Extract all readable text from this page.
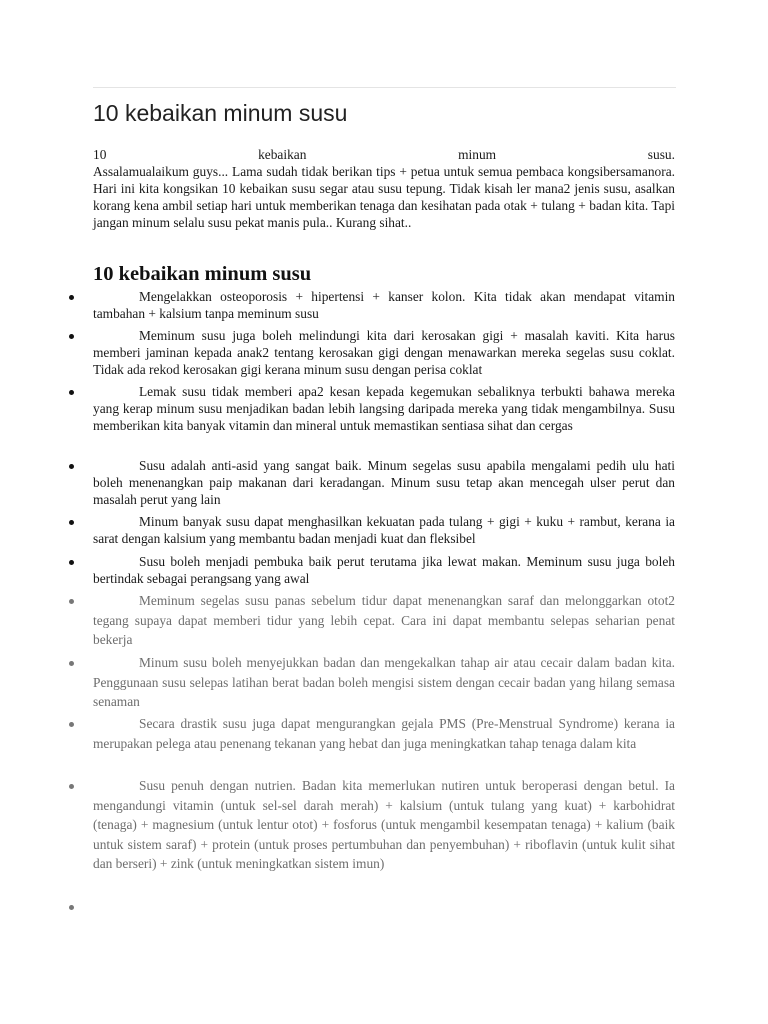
10 kebaikan minum susu
10	kebaikan	minum	susu.
Assalamualaikum guys... Lama sudah tidak berikan tips + petua untuk semua pembaca kongsibersamanora. Hari ini kita kongsikan 10 kebaikan susu segar atau susu tepung. Tidak kisah ler mana2 jenis susu, asalkan korang kena ambil setiap hari untuk memberikan tenaga dan kesihatan pada otak + tulang + badan kita. Tapi jangan minum selalu susu pekat manis pula.. Kurang sihat..
10 kebaikan minum susu

Mengelakkan osteoporosis + hipertensi + kanser kolon. Kita tidak akan mendapat vitamin tambahan + kalsium tanpa meminum susu

Meminum susu juga boleh melindungi kita dari kerosakan gigi + masalah kaviti. Kita harus memberi jaminan kepada anak2 tentang kerosakan gigi dengan menawarkan mereka segelas susu coklat. Tidak ada rekod kerosakan gigi kerana minum susu dengan perisa coklat

Lemak susu tidak memberi apa2 kesan kepada kegemukan sebaliknya terbukti bahawa mereka yang kerap minum susu menjadikan badan lebih langsing daripada mereka yang tidak mengambilnya. Susu memberikan kita banyak vitamin dan mineral untuk memastikan sentiasa sihat dan cergas

Susu adalah anti-asid yang sangat baik. Minum segelas susu apabila mengalami pedih ulu hati boleh menenangkan paip makanan dari keradangan. Minum susu tetap akan mencegah ulser perut dan masalah perut yang lain

Minum banyak susu dapat menghasilkan kekuatan pada tulang + gigi + kuku + rambut, kerana ia sarat dengan kalsium yang membantu badan menjadi kuat dan fleksibel

Susu boleh menjadi pembuka baik perut terutama jika lewat makan. Meminum susu juga boleh bertindak sebagai perangsang yang awal

Meminum segelas susu panas sebelum tidur dapat menenangkan saraf dan melonggarkan otot2 tegang supaya dapat memberi tidur yang lebih cepat. Cara ini dapat membantu selepas seharian penat bekerja

Minum susu boleh menyejukkan badan dan mengekalkan tahap air atau cecair dalam badan kita. Penggunaan susu selepas latihan berat badan boleh mengisi sistem dengan cecair badan yang hilang semasa senaman

Secara drastik susu juga dapat mengurangkan gejala PMS (Pre-Menstrual Syndrome) kerana ia merupakan pelega atau penenang tekanan yang hebat dan juga meningkatkan tahap tenaga dalam kita

Susu penuh dengan nutrien. Badan kita memerlukan nutiren untuk beroperasi dengan betul. Ia mengandungi vitamin (untuk sel-sel darah merah) + kalsium (untuk tulang yang kuat) + karbohidrat (tenaga) + magnesium (untuk lentur otot) + fosforus (untuk mengambil kesempatan tenaga) + kalium (baik untuk sistem saraf) + protein (untuk proses pertumbuhan dan penyembuhan) + riboflavin (untuk kulit sihat dan berseri) + zink (untuk meningkatkan sistem imun)
